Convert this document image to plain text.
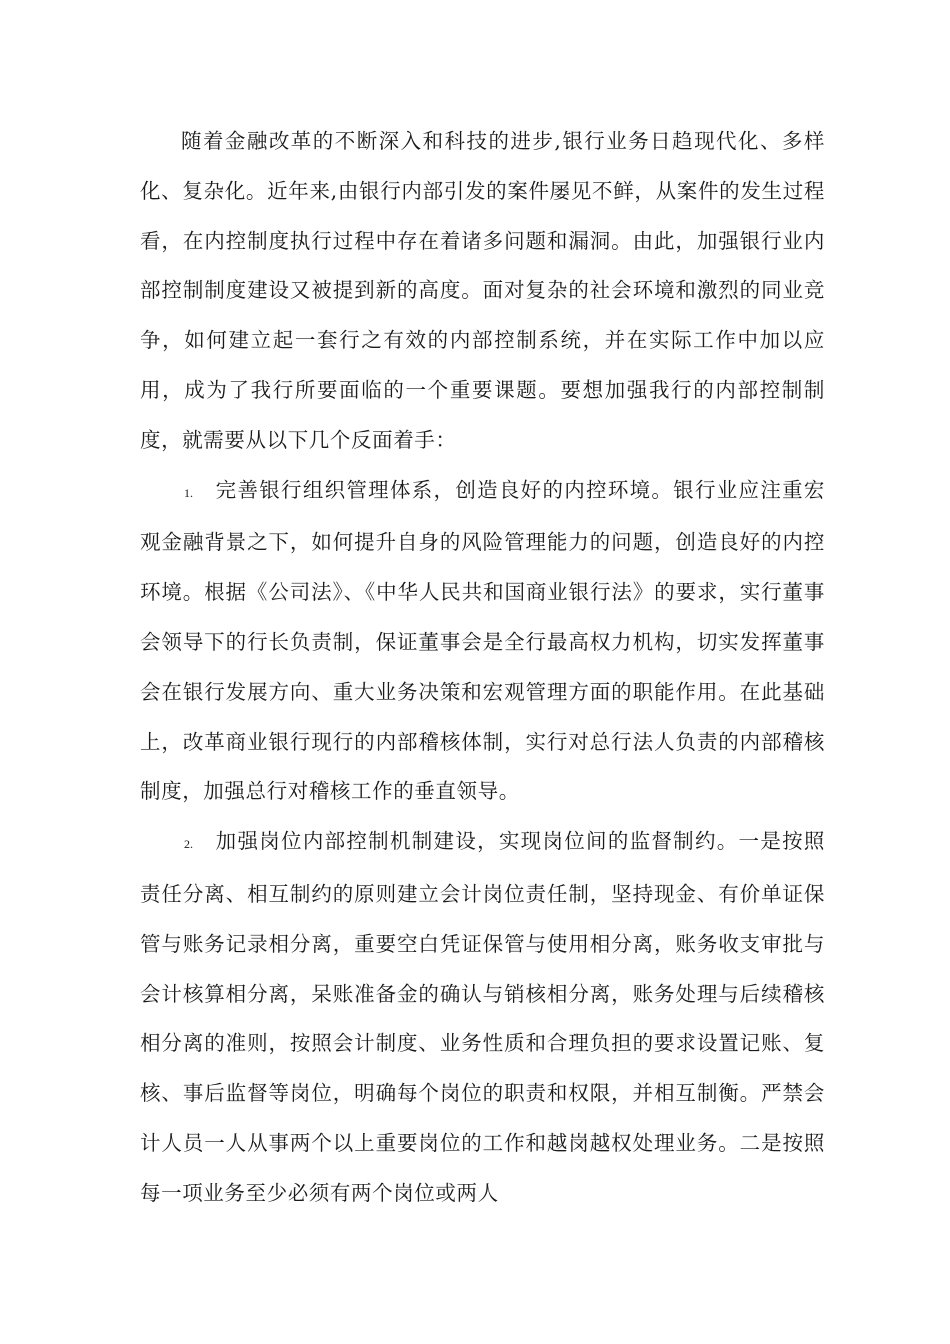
随着金融改革的不断深入和科技的进步,银行业务日趋现代化、多样化、复杂化。近年来,由银行内部引发的案件屡见不鲜，从案件的发生过程看，在内控制度执行过程中存在着诸多问题和漏洞。由此，加强银行业内部控制制度建设又被提到新的高度。面对复杂的社会环境和激烈的同业竞争，如何建立起一套行之有效的内部控制系统，并在实际工作中加以应用，成为了我行所要面临的一个重要课题。要想加强我行的内部控制制度，就需要从以下几个反面着手：

1. 完善银行组织管理体系，创造良好的内控环境。银行业应注重宏观金融背景之下，如何提升自身的风险管理能力的问题，创造良好的内控环境。根据《公司法》、《中华人民共和国商业银行法》的要求，实行董事会领导下的行长负责制，保证董事会是全行最高权力机构，切实发挥董事会在银行发展方向、重大业务决策和宏观管理方面的职能作用。在此基础上，改革商业银行现行的内部稽核体制，实行对总行法人负责的内部稽核制度，加强总行对稽核工作的垂直领导。

2. 加强岗位内部控制机制建设，实现岗位间的监督制约。一是按照责任分离、相互制约的原则建立会计岗位责任制，坚持现金、有价单证保管与账务记录相分离，重要空白凭证保管与使用相分离，账务收支审批与会计核算相分离，呆账准备金的确认与销核相分离，账务处理与后续稽核相分离的准则，按照会计制度、业务性质和合理负担的要求设置记账、复核、事后监督等岗位，明确每个岗位的职责和权限，并相互制衡。严禁会计人员一人从事两个以上重要岗位的工作和越岗越权处理业务。二是按照每一项业务至少必须有两个岗位或两人
